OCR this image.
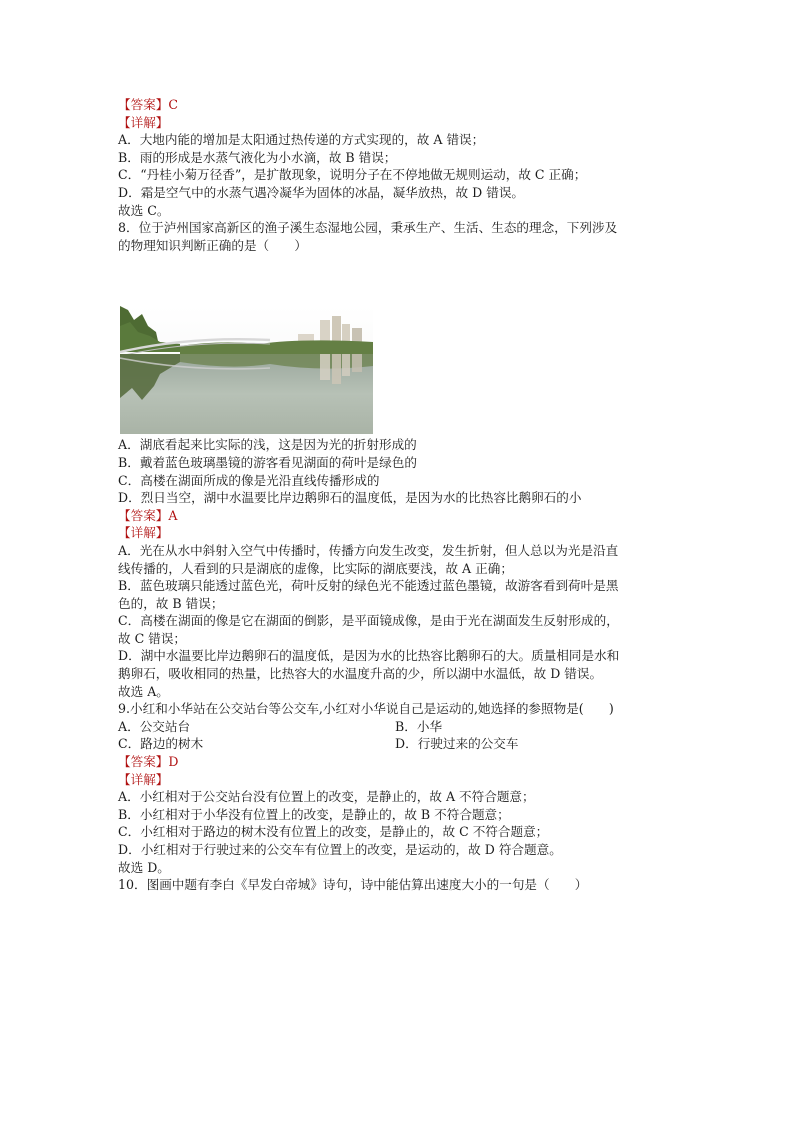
【答案】C
【详解】
A．大地内能的增加是太阳通过热传递的方式实现的，故 A 错误；
B．雨的形成是水蒸气液化为小水滴，故 B 错误；
C．“丹桂小菊万径香”，是扩散现象，说明分子在不停地做无规则运动，故 C 正确；
D．霜是空气中的水蒸气遇冷凝华为固体的冰晶，凝华放热，故 D 错误。
故选 C。
8．位于泸州国家高新区的渔子溪生态湿地公园，秉承生产、生活、生态的理念，下列涉及
的物理知识判断正确的是（　　）
A．湖底看起来比实际的浅，这是因为光的折射形成的
B．戴着蓝色玻璃墨镜的游客看见湖面的荷叶是绿色的
C．高楼在湖面所成的像是光沿直线传播形成的
D．烈日当空，湖中水温要比岸边鹅卵石的温度低，是因为水的比热容比鹅卵石的小
【答案】A
【详解】
A．光在从水中斜射入空气中传播时，传播方向发生改变，发生折射，但人总以为光是沿直
线传播的，人看到的只是湖底的虚像，比实际的湖底要浅，故 A 正确；
B．蓝色玻璃只能透过蓝色光，荷叶反射的绿色光不能透过蓝色墨镜，故游客看到荷叶是黑
色的，故 B 错误；
C．高楼在湖面的像是它在湖面的倒影，是平面镜成像，是由于光在湖面发生反射形成的，
故 C 错误；
D．湖中水温要比岸边鹅卵石的温度低，是因为水的比热容比鹅卵石的大。质量相同是水和
鹅卵石，吸收相同的热量，比热容大的水温度升高的少，所以湖中水温低，故 D 错误。
故选 A。
9.小红和小华站在公交站台等公交车,小红对小华说自己是运动的,她选择的参照物是(　　)
A．公交站台	B．小华
C．路边的树木	D．行驶过来的公交车
【答案】D
【详解】
A．小红相对于公交站台没有位置上的改变，是静止的，故 A 不符合题意；
B．小红相对于小华没有位置上的改变，是静止的，故 B 不符合题意；
C．小红相对于路边的树木没有位置上的改变，是静止的，故 C 不符合题意；
D．小红相对于行驶过来的公交车有位置上的改变，是运动的，故 D 符合题意。
故选 D。
10．图画中题有李白《早发白帝城》诗句，诗中能估算出速度大小的一句是（　　）
